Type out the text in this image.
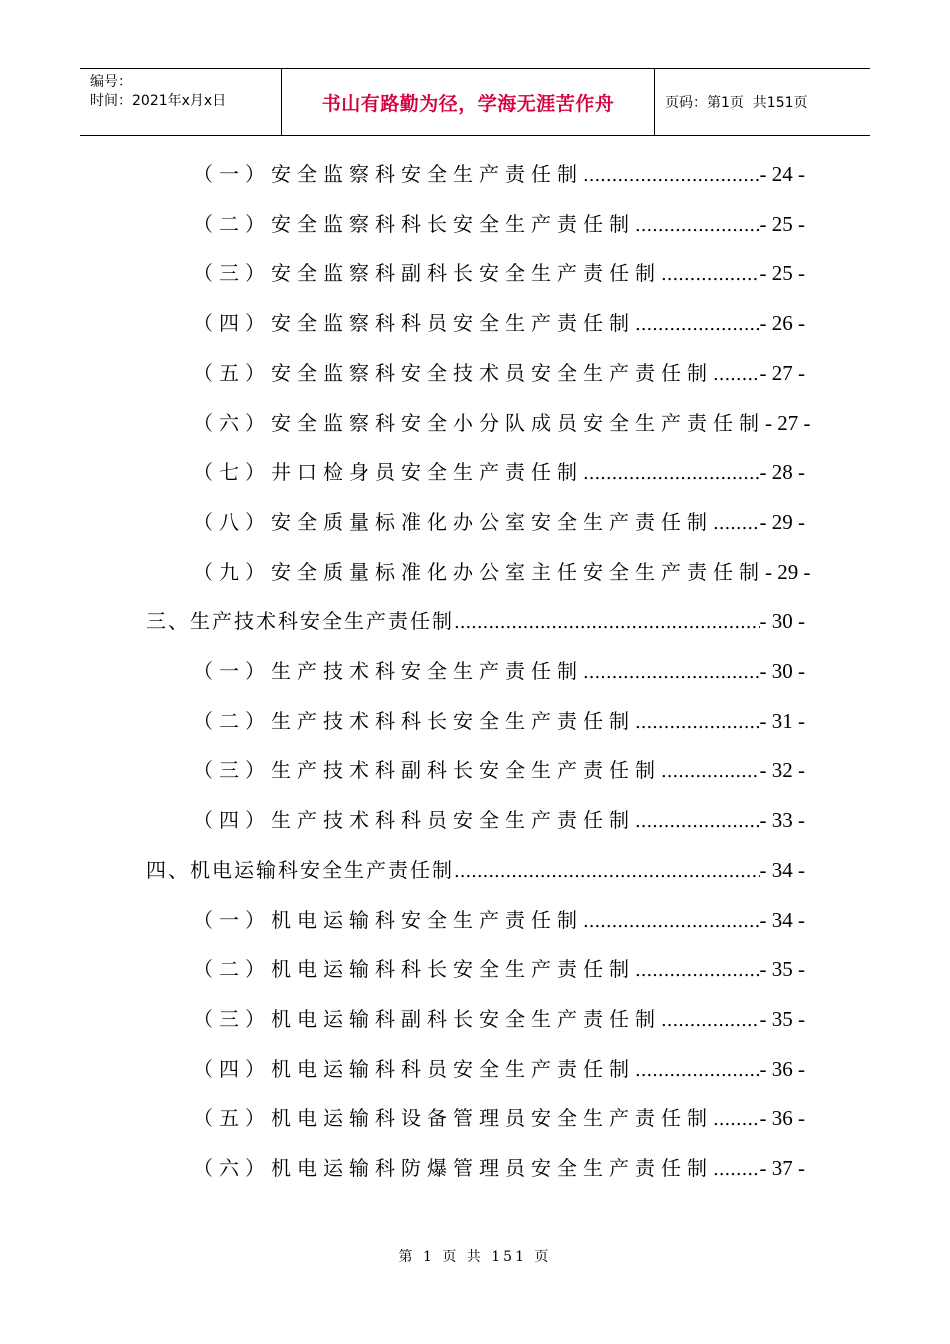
编号：
时间：2021年x月x日	书山有路勤为径，学海无涯苦作舟	页码：第1页  共151页
（一）安全监察科安全生产责任制 .....	- 24 -
（二）安全监察科科长安全生产责任制 .....	- 25 -
（三）安全监察科副科长安全生产责任制 .....	- 25 -
（四）安全监察科科员安全生产责任制 .....	- 26 -
（五）安全监察科安全技术员安全生产责任制 ..... - 27 -
（六）安全监察科安全小分队成员安全生产责任制 - 27 -
（七）井口检身员安全生产责任制 .....	- 28 -
（八）安全质量标准化办公室安全生产责任制 ..... - 29 -
（九）安全质量标准化办公室主任安全生产责任制 - 29 -
三、生产技术科安全生产责任制 .....	- 30 -
（一）生产技术科安全生产责任制 .....	- 30 -
（二）生产技术科科长安全生产责任制 .....	- 31 -
（三）生产技术科副科长安全生产责任制 .....	- 32 -
（四）生产技术科科员安全生产责任制 .....	- 33 -
四、机电运输科安全生产责任制 .....	- 34 -
（一）机电运输科安全生产责任制 .....	- 34 -
（二）机电运输科科长安全生产责任制 .....	- 35 -
（三）机电运输科副科长安全生产责任制 .....	- 35 -
（四）机电运输科科员安全生产责任制 .....	- 36 -
（五）机电运输科设备管理员安全生产责任制 ..... - 36 -
（六）机电运输科防爆管理员安全生产责任制 ..... - 37 -
第 1 页 共 151 页
